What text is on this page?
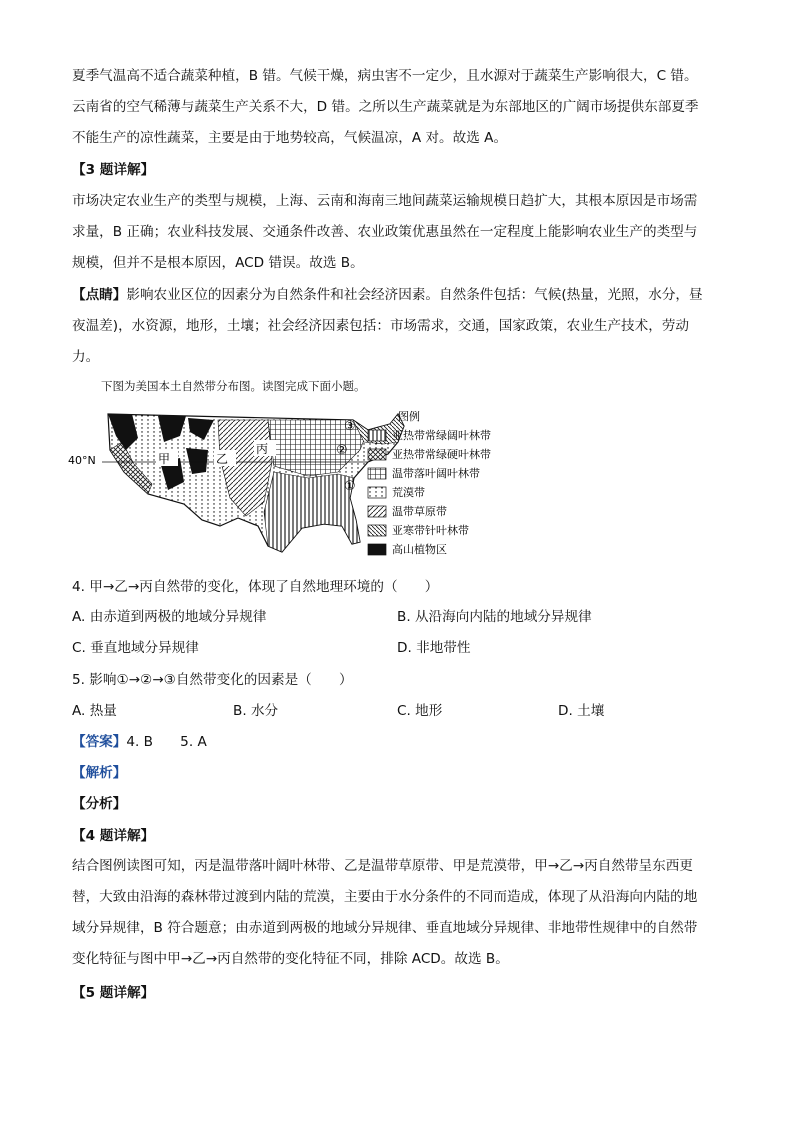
夏季气温高不适合蔬菜种植，B 错。气候干燥，病虫害不一定少，且水源对于蔬菜生产影响很大，C 错。
云南省的空气稀薄与蔬菜生产关系不大，D 错。之所以生产蔬菜就是为东部地区的广阔市场提供东部夏季
不能生产的凉性蔬菜，主要是由于地势较高，气候温凉，A 对。故选 A。
【3 题详解】
市场决定农业生产的类型与规模，上海、云南和海南三地间蔬菜运输规模日趋扩大，其根本原因是市场需
求量，B 正确；农业科技发展、交通条件改善、农业政策优惠虽然在一定程度上能影响农业生产的类型与
规模，但并不是根本原因，ACD 错误。故选 B。
【点睛】影响农业区位的因素分为自然条件和社会经济因素。自然条件包括：气候(热量，光照，水分，昼
夜温差)，水资源，地形，土壤；社会经济因素包括：市场需求，交通，国家政策，农业生产技术，劳动
力。
下图为美国本土自然带分布图。读图完成下面小题。
40°N	甲	乙
丙
①
②
③
图例
亚热带常绿阔叶林带
亚热带常绿硬叶林带
温带落叶阔叶林带
荒漠带
温带草原带
亚寒带针叶林带
高山植物区
4. 甲→乙→丙自然带的变化，体现了自然地理环境的（　　）
A. 由赤道到两极的地域分异规律	B. 从沿海向内陆的地域分异规律
C. 垂直地域分异规律	D. 非地带性
5. 影响①→②→③自然带变化的因素是（　　）
A. 热量	B. 水分	C. 地形	D. 土壤
【答案】4. B　　5. A
【解析】
【分析】
【4 题详解】
结合图例读图可知，丙是温带落叶阔叶林带、乙是温带草原带、甲是荒漠带，甲→乙→丙自然带呈东西更
替，大致由沿海的森林带过渡到内陆的荒漠，主要由于水分条件的不同而造成，体现了从沿海向内陆的地
域分异规律，B 符合题意；由赤道到两极的地域分异规律、垂直地域分异规律、非地带性规律中的自然带
变化特征与图中甲→乙→丙自然带的变化特征不同，排除 ACD。故选 B。
【5 题详解】
